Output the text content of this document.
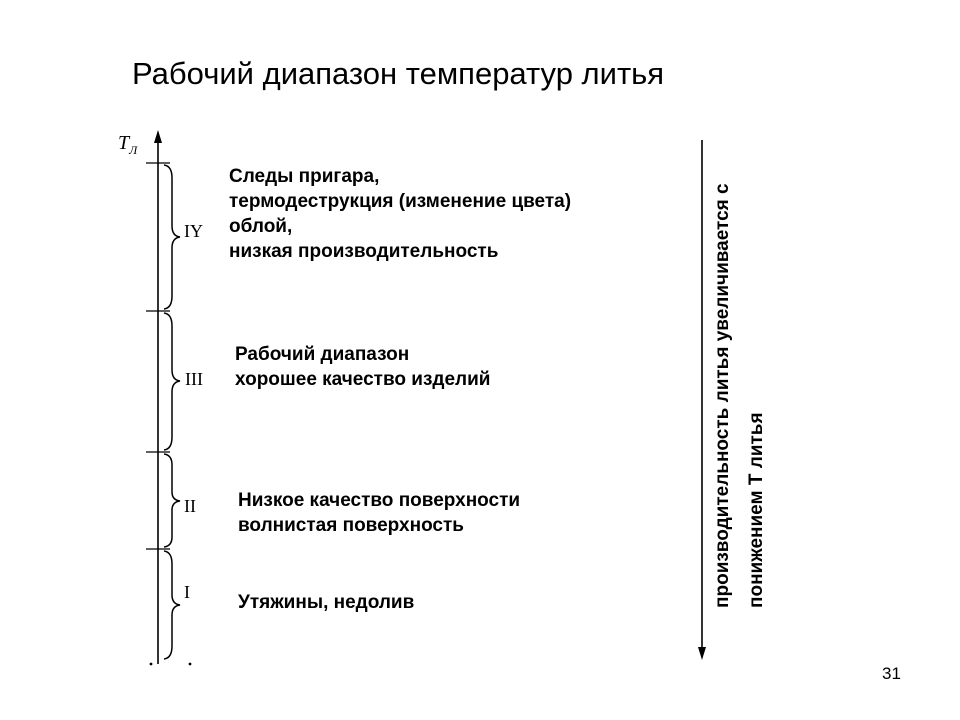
Рабочий диапазон температур литья
$T_Л$
IY
III
II
I
Следы пригара,
термодеструкция (изменение цвета)
облой,
низкая производительность
Рабочий диапазон
хорошее качество изделий
Низкое качество поверхности
волнистая поверхность
Утяжины, недолив	производительность литья увеличивается с понижением Т литья
31
